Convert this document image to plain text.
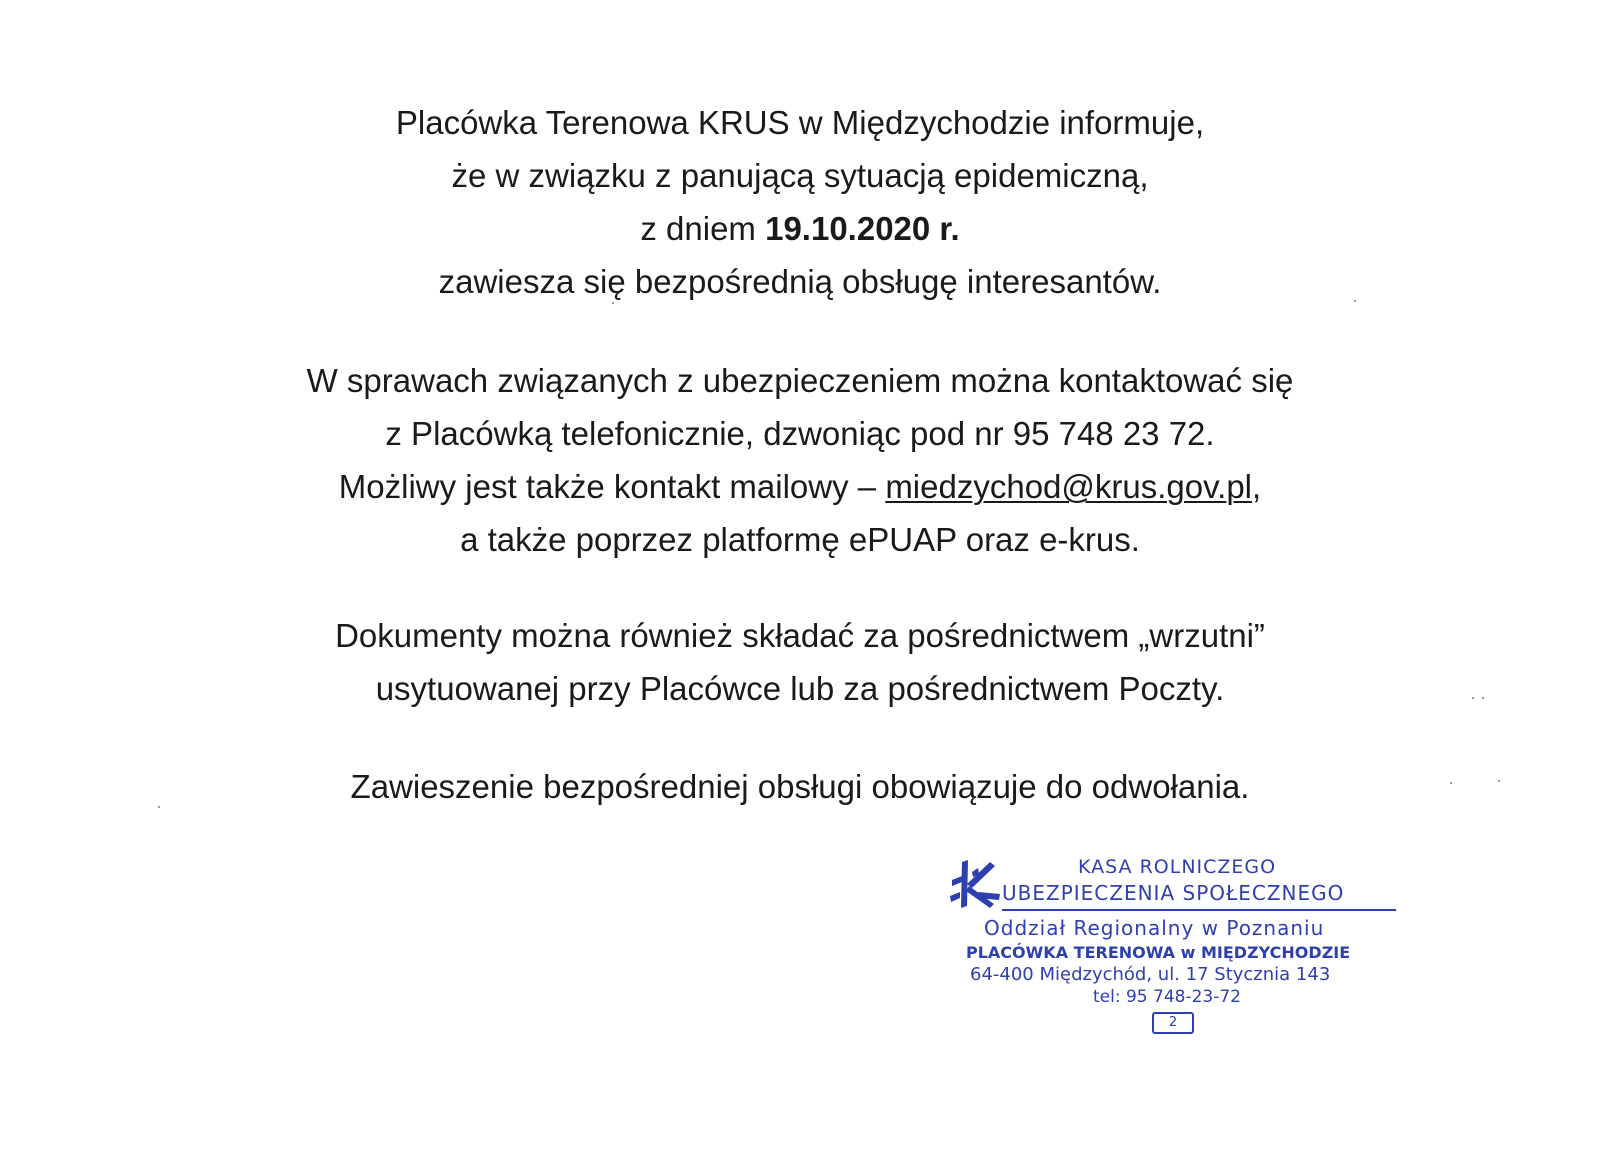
Placówka Terenowa KRUS w Międzychodzie informuje,
że w związku z panującą sytuacją epidemiczną,
z dniem 19.10.2020 r.
zawiesza się bezpośrednią obsługę interesantów.
W sprawach związanych z ubezpieczeniem można kontaktować się
z Placówką telefonicznie, dzwoniąc pod nr 95 748 23 72.
Możliwy jest także kontakt mailowy – miedzychod@krus.gov.pl,
a także poprzez platformę ePUAP oraz e-krus.
Dokumenty można również składać za pośrednictwem „wrzutni”
usytuowanej przy Placówce lub za pośrednictwem Poczty.
Zawieszenie bezpośredniej obsługi obowiązuje do odwołania.
KASA ROLNICZEGO
UBEZPIECZENIA SPOŁECZNEGO
Oddział Regionalny w Poznaniu
PLACÓWKA TERENOWA w MIĘDZYCHODZIE
64-400 Międzychód, ul. 17 Stycznia 143
tel: 95 748-23-72
2
